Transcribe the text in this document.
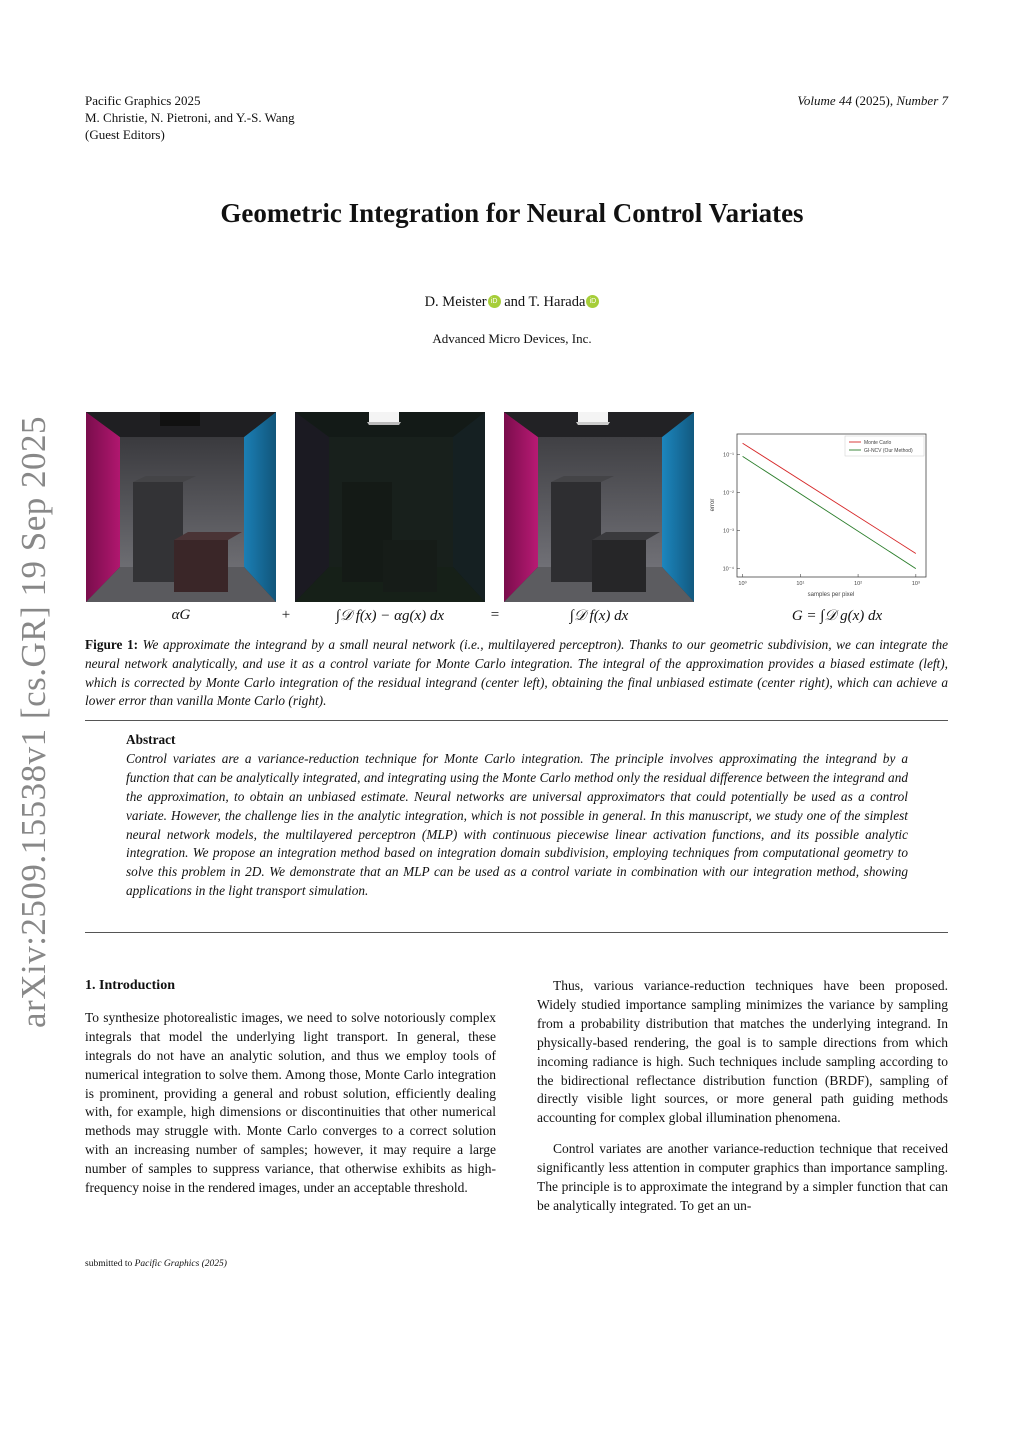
Pacific Graphics 2025
M. Christie, N. Pietroni, and Y.-S. Wang
(Guest Editors)
Volume 44 (2025), Number 7
arXiv:2509.15538v1 [cs.GR] 19 Sep 2025
Geometric Integration for Neural Control Variates
D. Meister iD and T. Harada iD
Advanced Micro Devices, Inc.
10⁻¹
10⁻²
10⁻³
10⁻⁴
10⁰	10¹	10²	10³
Monte Carlo
GI-NCV (Our Method)
error
samples per pixel
αG	+	∫𝒟 f(x) − αg(x) dx	=	∫𝒟 f(x) dx	G = ∫𝒟 g(x) dx
Figure 1: We approximate the integrand by a small neural network (i.e., multilayered perceptron). Thanks to our geometric subdivision, we can integrate the neural network analytically, and use it as a control variate for Monte Carlo integration. The integral of the approximation provides a biased estimate (left), which is corrected by Monte Carlo integration of the residual integrand (center left), obtaining the final unbiased estimate (center right), which can achieve a lower error than vanilla Monte Carlo (right).
Abstract
Control variates are a variance-reduction technique for Monte Carlo integration. The principle involves approximating the integrand by a function that can be analytically integrated, and integrating using the Monte Carlo method only the residual difference between the integrand and the approximation, to obtain an unbiased estimate. Neural networks are universal approximators that could potentially be used as a control variate. However, the challenge lies in the analytic integration, which is not possible in general. In this manuscript, we study one of the simplest neural network models, the multilayered perceptron (MLP) with continuous piecewise linear activation functions, and its possible analytic integration. We propose an integration method based on integration domain subdivision, employing techniques from computational geometry to solve this problem in 2D. We demonstrate that an MLP can be used as a control variate in combination with our integration method, showing applications in the light transport simulation.
1. Introduction

To synthesize photorealistic images, we need to solve notoriously complex integrals that model the underlying light transport. In general, these integrals do not have an analytic solution, and thus we employ tools of numerical integration to solve them. Among those, Monte Carlo integration is prominent, providing a general and robust solution, efficiently dealing with, for example, high dimensions or discontinuities that other numerical methods may struggle with. Monte Carlo converges to a correct solution with an increasing number of samples; however, it may require a large number of samples to suppress variance, that otherwise exhibits as high-frequency noise in the rendered images, under an acceptable threshold.

Thus, various variance-reduction techniques have been proposed. Widely studied importance sampling minimizes the variance by sampling from a probability distribution that matches the underlying integrand. In physically-based rendering, the goal is to sample directions from which incoming radiance is high. Such techniques include sampling according to the bidirectional reflectance distribution function (BRDF), sampling of directly visible light sources, or more general path guiding methods accounting for complex global illumination phenomena.

Control variates are another variance-reduction technique that received significantly less attention in computer graphics than importance sampling. The principle is to approximate the integrand by a simpler function that can be analytically integrated. To get an un-

submitted to Pacific Graphics (2025)
